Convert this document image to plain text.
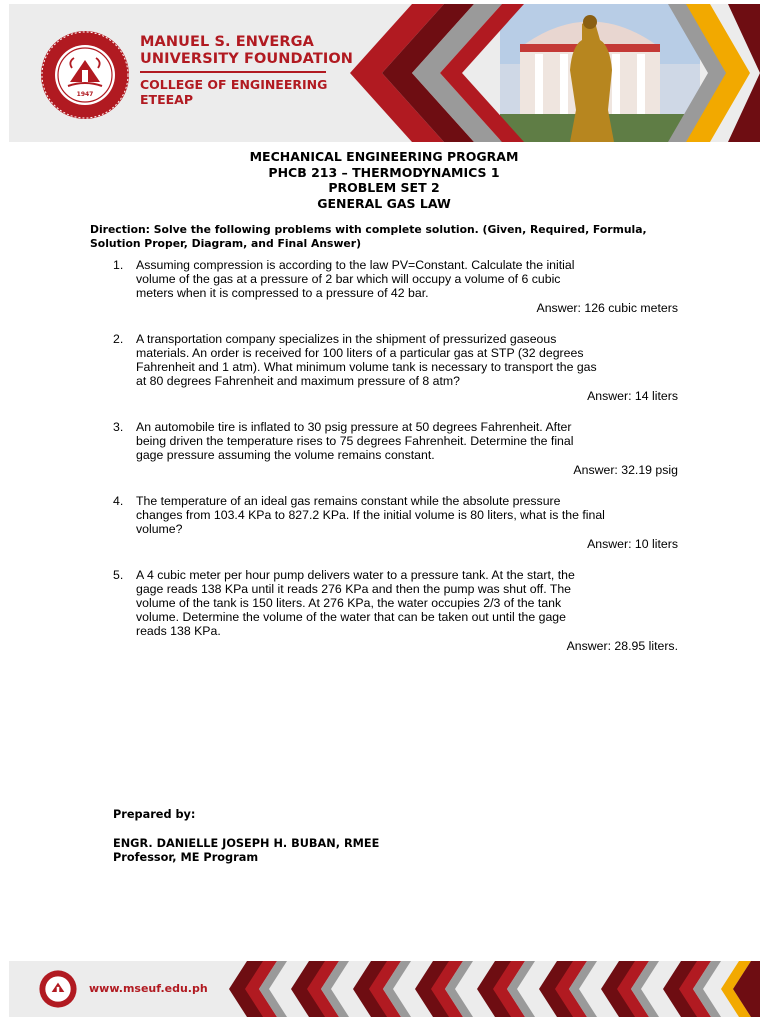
1947
MANUEL S. ENVERGA
UNIVERSITY FOUNDATION
COLLEGE OF ENGINEERING
ETEEAP
MECHANICAL ENGINEERING PROGRAM
PHCB 213 – THERMODYNAMICS 1
PROBLEM SET 2
GENERAL GAS LAW
Direction: Solve the following problems with complete solution. (Given, Required, Formula, Solution Proper, Diagram, and Final Answer)
1. Assuming compression is according to the law PV=Constant. Calculate the initial
volume of the gas at a pressure of 2 bar which will occupy a volume of 6 cubic
meters when it is compressed to a pressure of 42 bar.
Answer: 126 cubic meters
2. A transportation company specializes in the shipment of pressurized gaseous
materials. An order is received for 100 liters of a particular gas at STP (32 degrees
Fahrenheit and 1 atm). What minimum volume tank is necessary to transport the gas
at 80 degrees Fahrenheit and maximum pressure of 8 atm?
Answer: 14 liters
3. An automobile tire is inflated to 30 psig pressure at 50 degrees Fahrenheit. After
being driven the temperature rises to 75 degrees Fahrenheit. Determine the final
gage pressure assuming the volume remains constant.
Answer: 32.19 psig
4. The temperature of an ideal gas remains constant while the absolute pressure
changes from 103.4 KPa to 827.2 KPa. If the initial volume is 80 liters, what is the final
volume?
Answer: 10 liters
5. A 4 cubic meter per hour pump delivers water to a pressure tank. At the start, the
gage reads 138 KPa until it reads 276 KPa and then the pump was shut off. The
volume of the tank is 150 liters. At 276 KPa, the water occupies 2/3 of the tank
volume. Determine the volume of the water that can be taken out until the gage
reads 138 KPa.
Answer: 28.95 liters.
Prepared by:
ENGR. DANIELLE JOSEPH H. BUBAN, RMEE
Professor, ME Program
www.mseuf.edu.ph
